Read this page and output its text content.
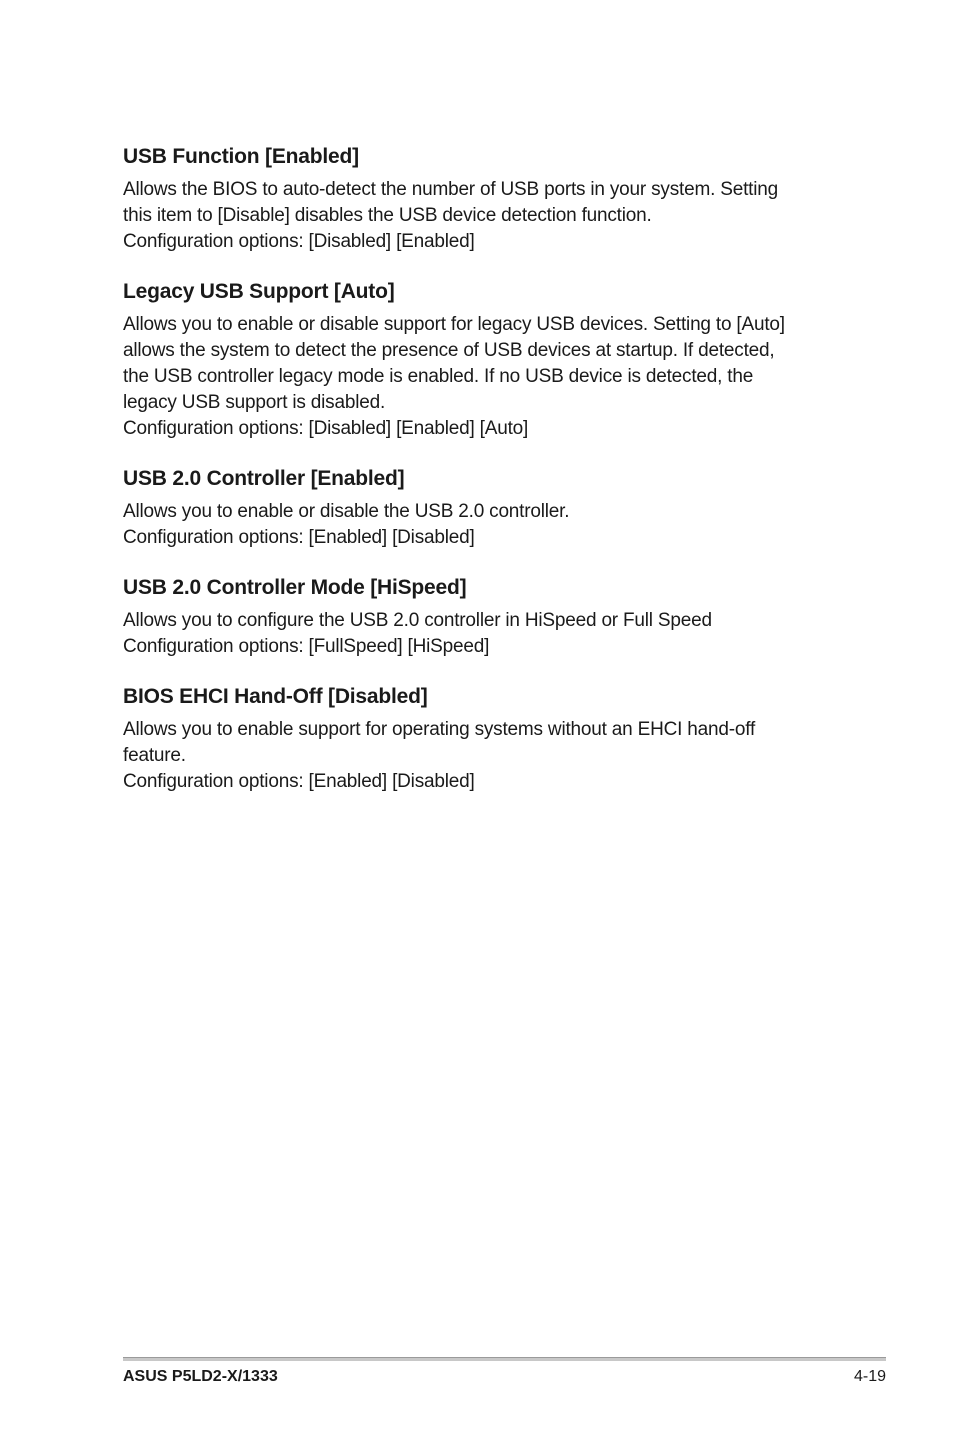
USB Function [Enabled]

Allows the BIOS to auto-detect the number of USB ports in your system. Setting
this item to [Disable] disables the USB device detection function.
Configuration options: [Disabled] [Enabled]

Legacy USB Support [Auto]

Allows you to enable or disable support for legacy USB devices. Setting to [Auto]
allows the system to detect the presence of USB devices at startup. If detected,
the USB controller legacy mode is enabled. If no USB device is detected, the
legacy USB support is disabled.
Configuration options: [Disabled] [Enabled] [Auto]

USB 2.0 Controller [Enabled]

Allows you to enable or disable the USB 2.0 controller.
Configuration options: [Enabled] [Disabled]

USB 2.0 Controller Mode [HiSpeed]

Allows you to configure the USB 2.0 controller in HiSpeed or Full Speed
Configuration options: [FullSpeed] [HiSpeed]

BIOS EHCI Hand-Off [Disabled]

Allows you to enable support for operating systems without an EHCI hand-off
feature.
Configuration options: [Enabled] [Disabled]

ASUS P5LD2-X/1333	4-19
